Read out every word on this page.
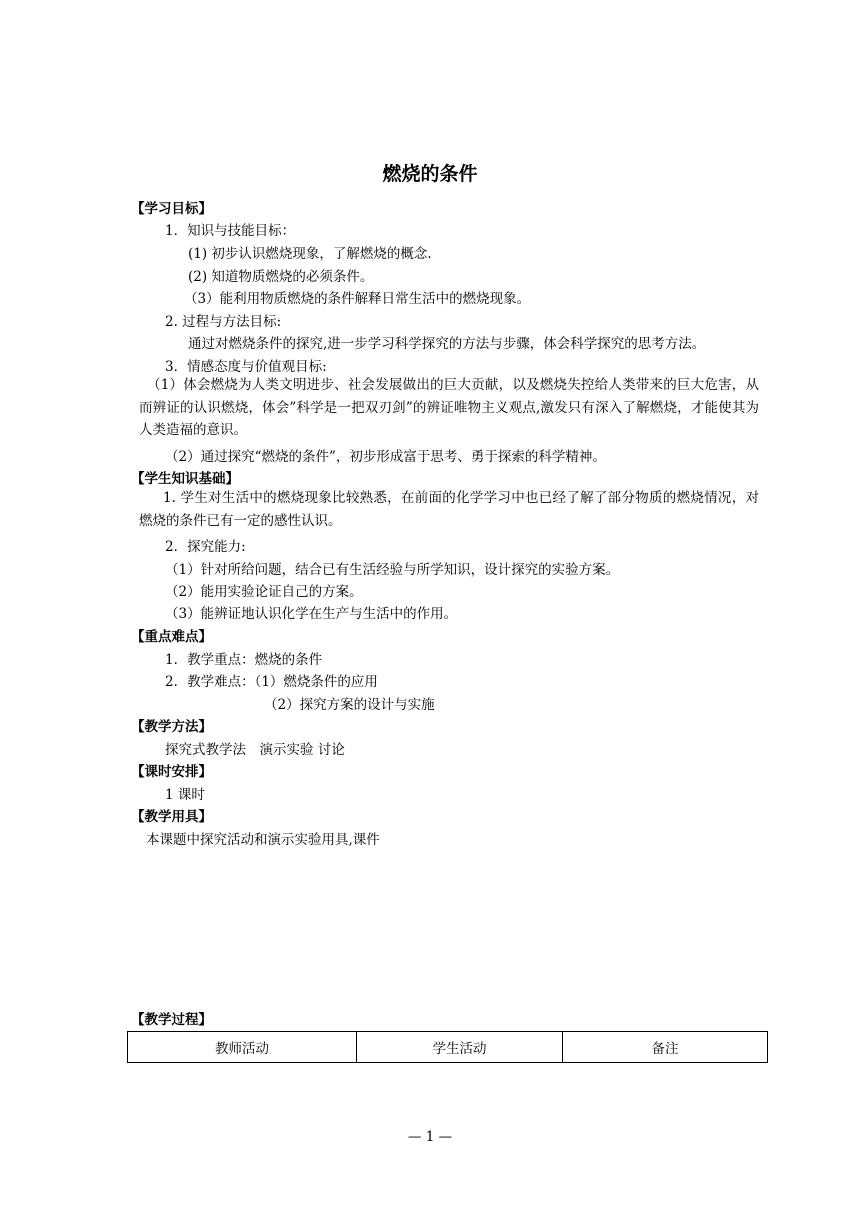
燃烧的条件
【学习目标】
1．知识与技能目标：
(1) 初步认识燃烧现象，了解燃烧的概念.
(2) 知道物质燃烧的必须条件。
（3）能利用物质燃烧的条件解释日常生活中的燃烧现象。
2. 过程与方法目标:
通过对燃烧条件的探究,进一步学习科学探究的方法与步骤，体会科学探究的思考方法。
3．情感态度与价值观目标:
（1）体会燃烧为人类文明进步、社会发展做出的巨大贡献，以及燃烧失控给人类带来的巨大危害，从而辨证的认识燃烧，体会”科学是一把双刃剑”的辨证唯物主义观点,激发只有深入了解燃烧，才能使其为人类造福的意识。
（2）通过探究“燃烧的条件”，初步形成富于思考、勇于探索的科学精神。
【学生知识基础】
1. 学生对生活中的燃烧现象比较熟悉，在前面的化学学习中也已经了解了部分物质的燃烧情况，对燃烧的条件已有一定的感性认识。
2．探究能力:
（1）针对所给问题，结合已有生活经验与所学知识，设计探究的实验方案。
（2）能用实验论证自己的方案。
（3）能辨证地认识化学在生产与生活中的作用。
【重点难点】
1．教学重点：燃烧的条件
2．教学难点：（1）燃烧条件的应用
（2）探究方案的设计与实施
【教学方法】
探究式教学法　演示实验 讨论
【课时安排】
1 课时
【教学用具】
本课题中探究活动和演示实验用具,课件
【教学过程】
教师活动	学生活动	备注
— 1 —
